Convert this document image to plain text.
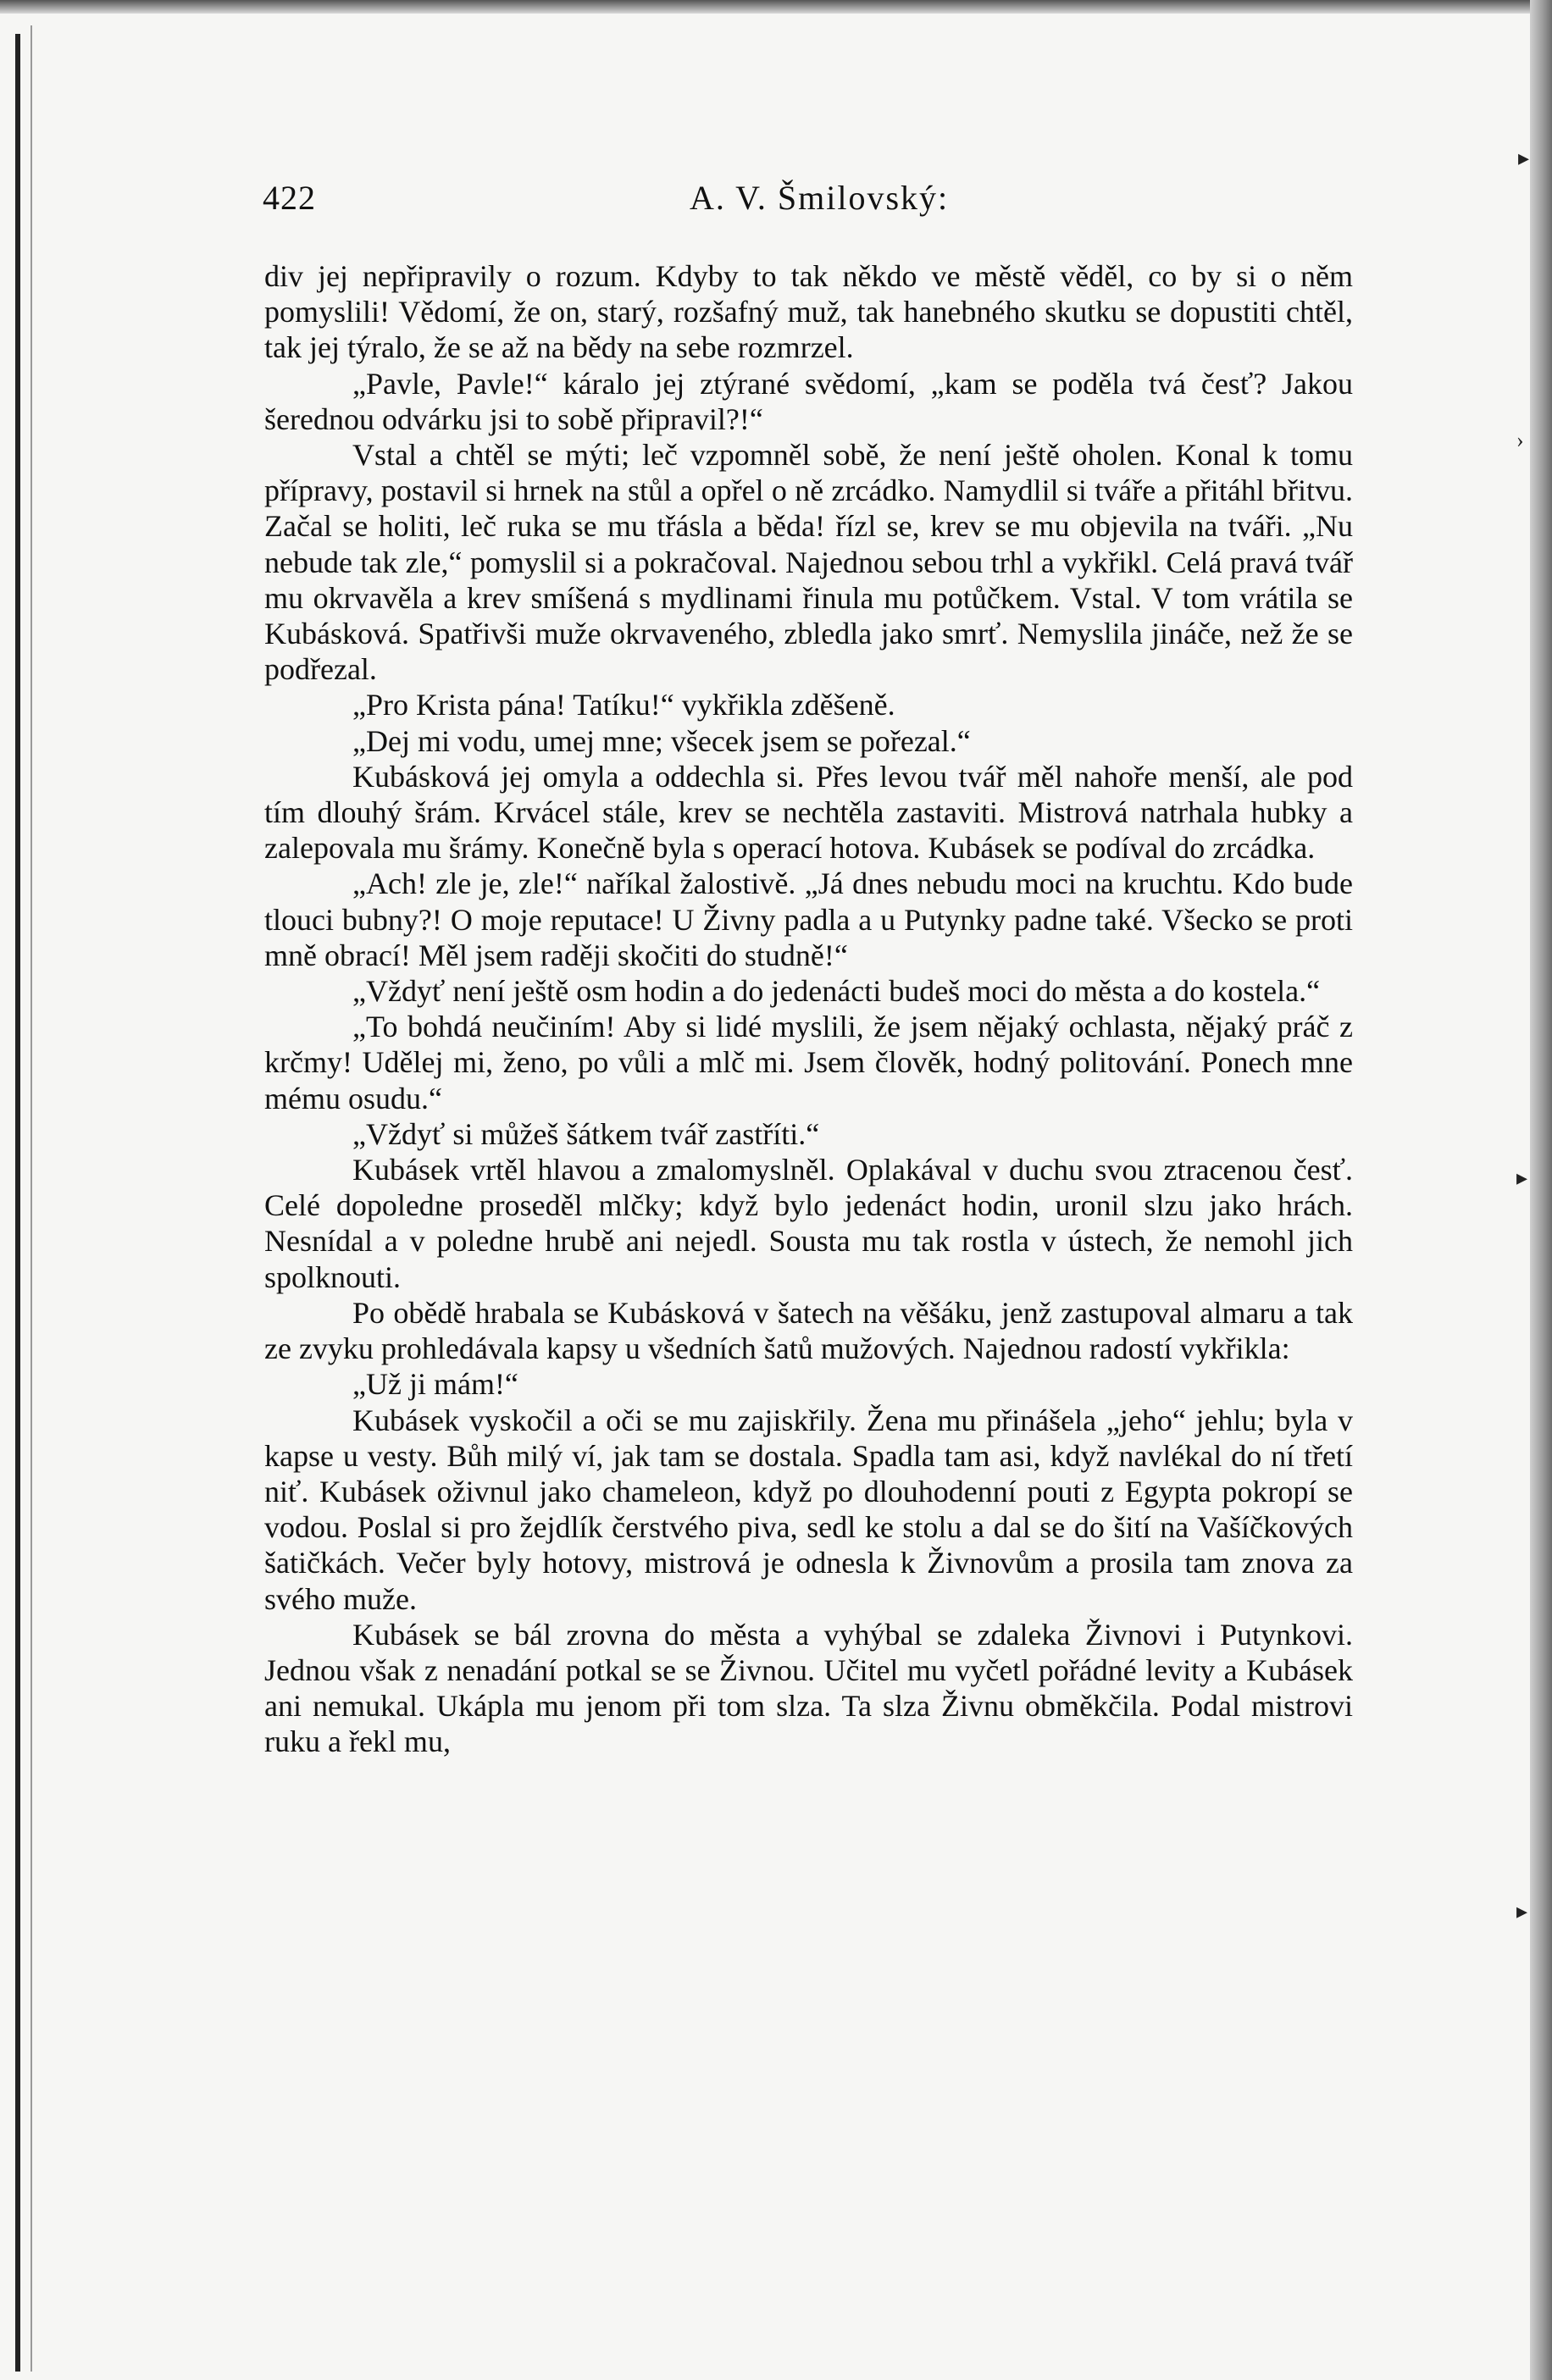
▸
›
▸
▸
422	A. V. Šmilovský:

div jej nepřipravily o rozum. Kdyby to tak někdo ve městě věděl, co by si o něm pomyslili! Vědomí, že on, starý, rozšafný muž, tak hanebného skutku se dopustiti chtěl, tak jej týralo, že se až na bědy na sebe rozmrzel.

„Pavle, Pavle!“ káralo jej ztýrané svědomí, „kam se poděla tvá česť? Jakou šerednou odvárku jsi to sobě připravil?!“

Vstal a chtěl se mýti; leč vzpomněl sobě, že není ještě oholen. Konal k tomu přípravy, postavil si hrnek na stůl a opřel o ně zrcádko. Namydlil si tváře a přitáhl břitvu. Začal se holiti, leč ruka se mu třásla a běda! řízl se, krev se mu objevila na tváři. „Nu nebude tak zle,“ pomyslil si a pokračoval. Najednou sebou trhl a vykřikl. Celá pravá tvář mu okrvavěla a krev smíšená s mydlinami řinula mu potůčkem. Vstal. V tom vrátila se Kubásková. Spatřivši muže okrvaveného, zbledla jako smrť. Nemyslila jináče, než že se podřezal.

„Pro Krista pána! Tatíku!“ vykřikla zděšeně.

„Dej mi vodu, umej mne; všecek jsem se pořezal.“

Kubásková jej omyla a oddechla si. Přes levou tvář měl nahoře menší, ale pod tím dlouhý šrám. Krvácel stále, krev se nechtěla zastaviti. Mistrová natrhala hubky a zalepovala mu šrámy. Konečně byla s operací hotova. Kubásek se podíval do zrcádka.

„Ach! zle je, zle!“ naříkal žalostivě. „Já dnes nebudu moci na kruchtu. Kdo bude tlouci bubny?! O moje reputace! U Živny padla a u Putynky padne také. Všecko se proti mně obrací! Měl jsem raději skočiti do studně!“

„Vždyť není ještě osm hodin a do jedenácti budeš moci do města a do kostela.“

„To bohdá neučiním! Aby si lidé myslili, že jsem nějaký ochlasta, nějaký práč z krčmy! Udělej mi, ženo, po vůli a mlč mi. Jsem člověk, hodný politování. Ponech mne mému osudu.“

„Vždyť si můžeš šátkem tvář zastříti.“

Kubásek vrtěl hlavou a zmalomyslněl. Oplakával v duchu svou ztracenou česť. Celé dopoledne proseděl mlčky; když bylo jedenáct hodin, uronil slzu jako hrách. Nesnídal a v poledne hrubě ani nejedl. Sousta mu tak rostla v ústech, že nemohl jich spolknouti.

Po obědě hrabala se Kubásková v šatech na věšáku, jenž zastupoval almaru a tak ze zvyku prohledávala kapsy u všedních šatů mužových. Najednou radostí vykřikla:

„Už ji mám!“

Kubásek vyskočil a oči se mu zajiskřily. Žena mu přinášela „jeho“ jehlu; byla v kapse u vesty. Bůh milý ví, jak tam se dostala. Spadla tam asi, když navlékal do ní třetí niť. Kubásek oživnul jako chameleon, když po dlouhodenní pouti z Egypta pokropí se vodou. Poslal si pro žejdlík čerstvého piva, sedl ke stolu a dal se do šití na Vašíčkových šatičkách. Večer byly hotovy, mistrová je odnesla k Živnovům a prosila tam znova za svého muže.

Kubásek se bál zrovna do města a vyhýbal se zdaleka Živnovi i Putynkovi. Jednou však z nenadání potkal se se Živnou. Učitel mu vyčetl pořádné levity a Kubásek ani nemukal. Ukápla mu jenom při tom slza. Ta slza Živnu obměkčila. Podal mistrovi ruku a řekl mu,
